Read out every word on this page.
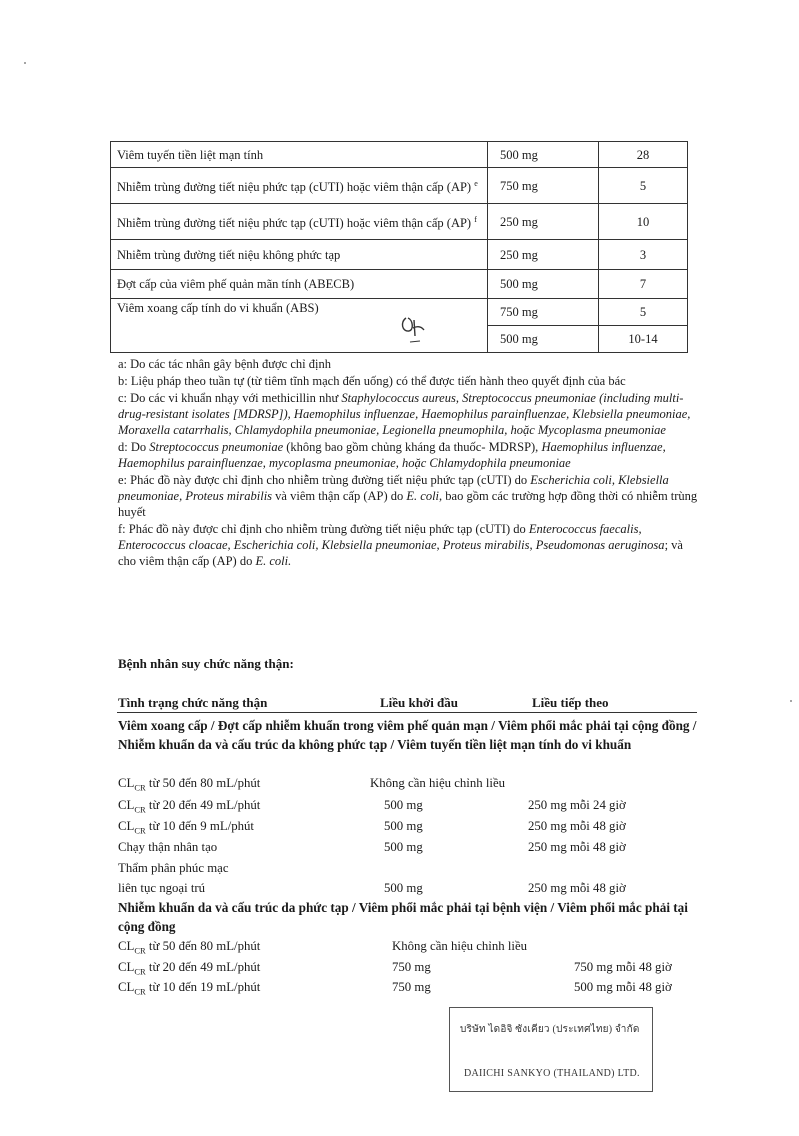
Viêm tuyến tiền liệt mạn tính	500 mg	28
Nhiễm trùng đường tiết niệu phức tạp (cUTI) hoặc viêm thận cấp (AP) $^e$	750 mg	5
Nhiễm trùng đường tiết niệu phức tạp (cUTI) hoặc viêm thận cấp (AP) $^f$	250 mg	10
Nhiễm trùng đường tiết niệu không phức tạp	250 mg	3
Đợt cấp của viêm phế quản mãn tính (ABECB)	500 mg	7
Viêm xoang cấp tính do vi khuẩn (ABS)	750 mg	5
	500 mg	10-14

a: Do các tác nhân gây bệnh được chỉ định

b: Liệu pháp theo tuần tự (từ tiêm tĩnh mạch đến uống) có thể được tiến hành theo quyết định của bác

c: Do các vi khuẩn nhạy với methicillin như Staphylococcus aureus, Streptococcus pneumoniae (including multi-drug-resistant isolates [MDRSP]), Haemophilus influenzae, Haemophilus parainfluenzae, Klebsiella pneumoniae, Moraxella catarrhalis, Chlamydophila pneumoniae, Legionella pneumophila, hoặc Mycoplasma pneumoniae

d: Do Streptococcus pneumoniae (không bao gồm chủng kháng đa thuốc- MDRSP), Haemophilus influenzae, Haemophilus parainfluenzae, mycoplasma pneumoniae, hoặc Chlamydophila pneumoniae

e: Phác đồ này được chỉ định cho nhiễm trùng đường tiết niệu phức tạp (cUTI) do Escherichia coli, Klebsiella pneumoniae, Proteus mirabilis và viêm thận cấp (AP) do E. coli, bao gồm các trường hợp đồng thời có nhiễm trùng huyết

f: Phác đồ này được chỉ định cho nhiễm trùng đường tiết niệu phức tạp (cUTI) do Enterococcus faecalis, Enterococcus cloacae, Escherichia coli, Klebsiella pneumoniae, Proteus mirabilis, Pseudomonas aeruginosa; và cho viêm thận cấp (AP) do E. coli.

Bệnh nhân suy chức năng thận:
Tình trạng chức năng thận	Liều khởi đầu	Liều tiếp theo
Viêm xoang cấp / Đợt cấp nhiễm khuẩn trong viêm phế quản mạn / Viêm phổi mắc phải tại cộng đồng / Nhiễm khuẩn da và cấu trúc da không phức tạp / Viêm tuyến tiền liệt mạn tính do vi khuẩn
$CL_{CR}$ từ 50 đến 80 mL/phút	Không cần hiệu chỉnh liều
$CL_{CR}$ từ 20 đến 49 mL/phút	500 mg	250 mg mỗi 24 giờ
$CL_{CR}$ từ 10 đến 9 mL/phút	500 mg	250 mg mỗi 48 giờ
Chạy thận nhân tạo	500 mg	250 mg mỗi 48 giờ
Thẩm phân phúc mạc
liên tục ngoại trú	500 mg	250 mg mỗi 48 giờ
Nhiễm khuẩn da và cấu trúc da phức tạp / Viêm phổi mắc phải tại bệnh viện / Viêm phổi mắc phải tại cộng đồng
$CL_{CR}$ từ 50 đến 80 mL/phút	Không cần hiệu chỉnh liều
$CL_{CR}$ từ 20 đến 49 mL/phút	750 mg	750 mg mỗi 48 giờ
$CL_{CR}$ từ 10 đến 19 mL/phút	750 mg	500 mg mỗi 48 giờ
บริษัท ไดอิจิ ซังเคียว (ประเทศไทย) จำกัด
DAIICHI SANKYO (THAILAND) LTD.
